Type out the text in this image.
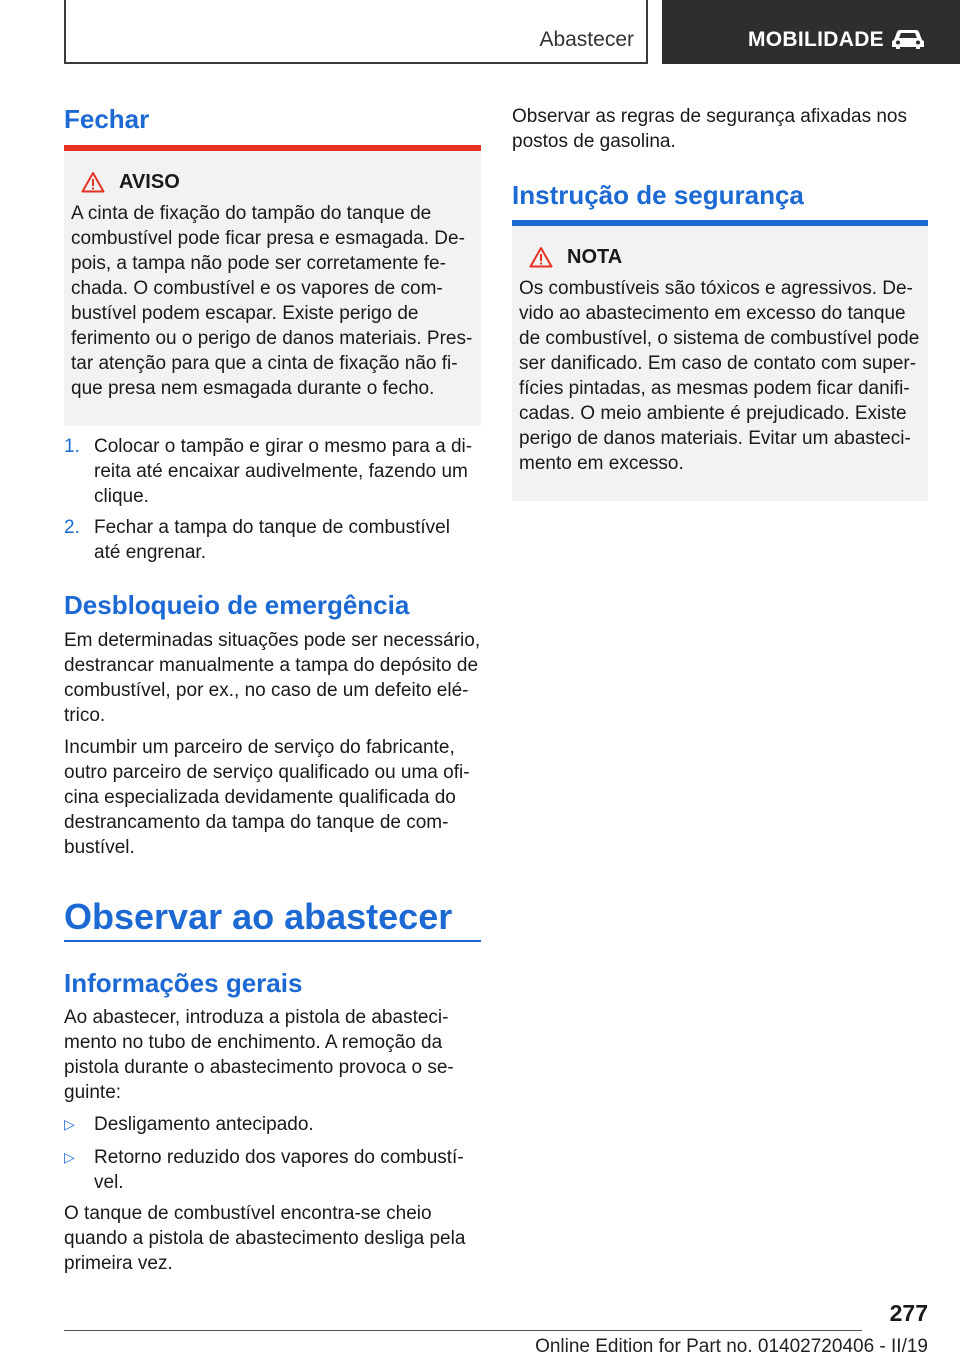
Abastecer	MOBILIDADE
Fechar
AVISO
A cinta de fixação do tampão do tanque de
combustível pode ficar presa e esmagada. De-
pois, a tampa não pode ser corretamente fe-
chada. O combustível e os vapores de com-
bustível podem escapar. Existe perigo de
ferimento ou o perigo de danos materiais. Pres-
tar atenção para que a cinta de fixação não fi-
que presa nem esmagada durante o fecho.
1. Colocar o tampão e girar o mesmo para a di-
reita até encaixar audivelmente, fazendo um
clique.
2. Fechar a tampa do tanque de combustível
até engrenar.
Desbloqueio de emergência
Em determinadas situações pode ser necessário,
destrancar manualmente a tampa do depósito de
combustível, por ex., no caso de um defeito elé-
trico.
Incumbir um parceiro de serviço do fabricante,
outro parceiro de serviço qualificado ou uma ofi-
cina especializada devidamente qualificada do
destrancamento da tampa do tanque de com-
bustível.
Observar ao abastecer
Informações gerais
Ao abastecer, introduza a pistola de abasteci-
mento no tubo de enchimento. A remoção da
pistola durante o abastecimento provoca o se-
guinte:
▷ Desligamento antecipado.
▷ Retorno reduzido dos vapores do combustí-
vel.
O tanque de combustível encontra-se cheio
quando a pistola de abastecimento desliga pela
primeira vez.
Observar as regras de segurança afixadas nos
postos de gasolina.
Instrução de segurança
NOTA
Os combustíveis são tóxicos e agressivos. De-
vido ao abastecimento em excesso do tanque
de combustível, o sistema de combustível pode
ser danificado. Em caso de contato com super-
fícies pintadas, as mesmas podem ficar danifi-
cadas. O meio ambiente é prejudicado. Existe
perigo de danos materiais. Evitar um abasteci-
mento em excesso.
277
Online Edition for Part no. 01402720406 - II/19
